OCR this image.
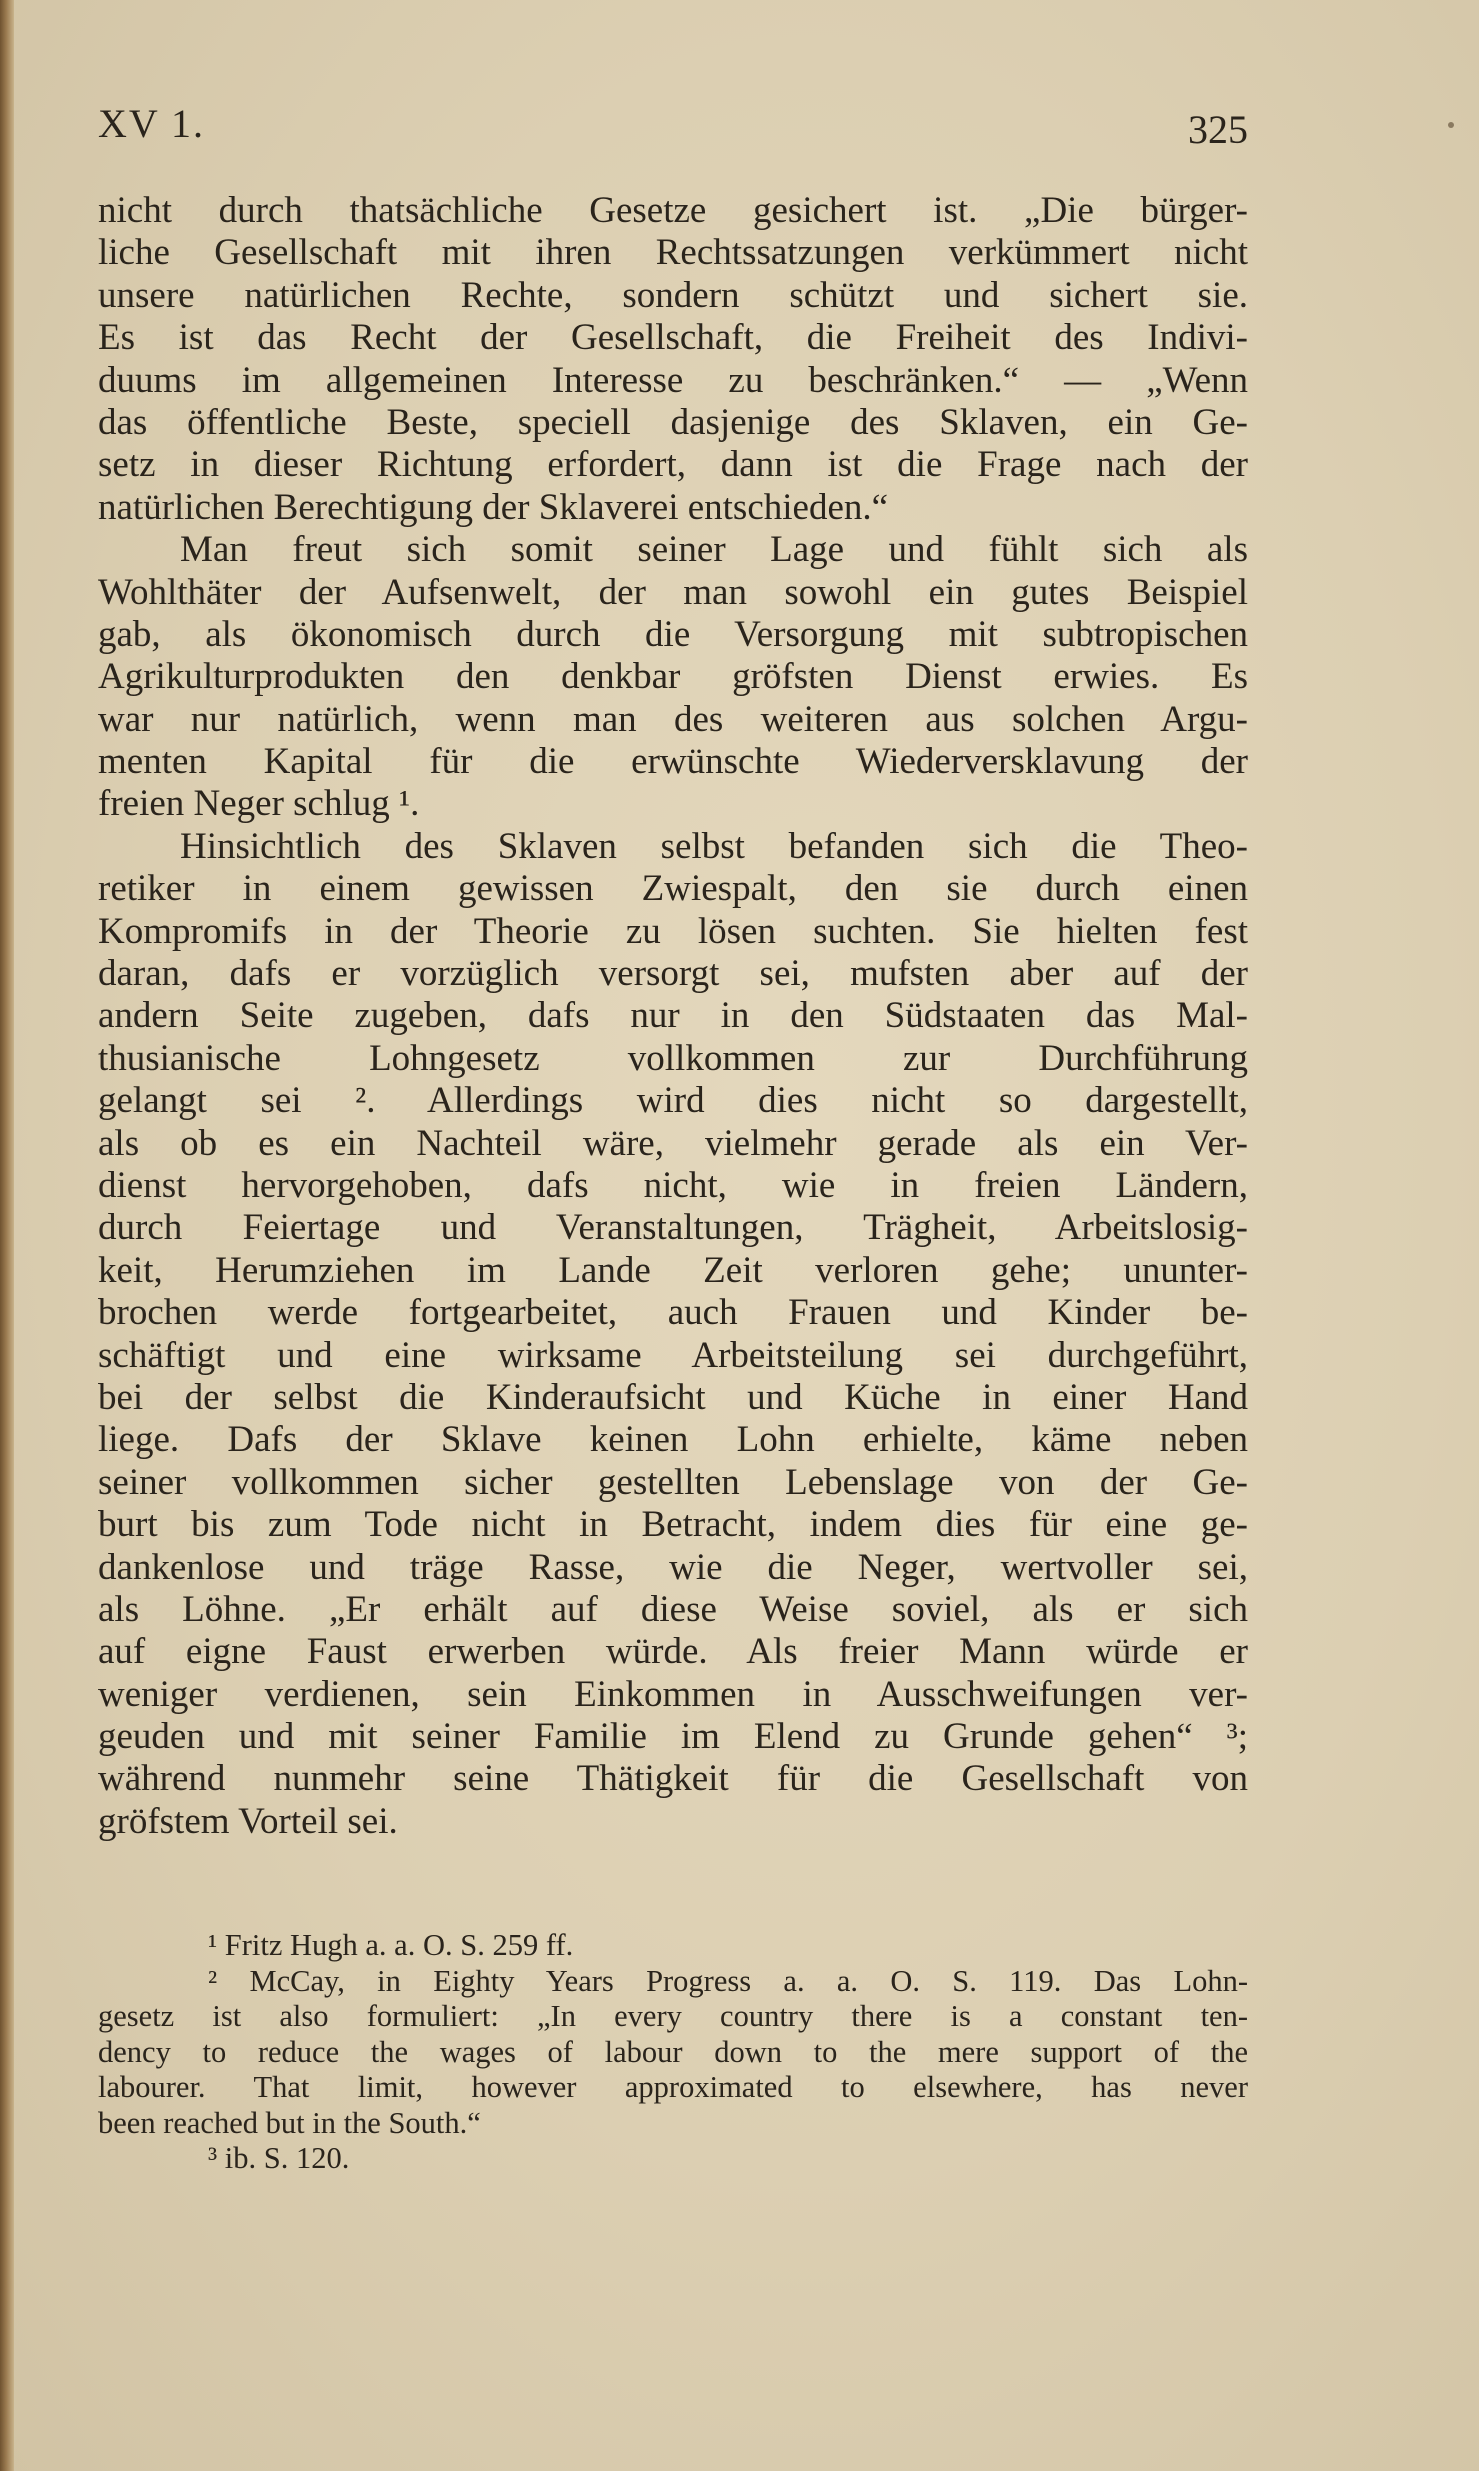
XV 1.	325
nicht durch thatsächliche Gesetze gesichert ist. „Die bürger-
liche Gesellschaft mit ihren Rechtssatzungen verkümmert nicht
unsere natürlichen Rechte, sondern schützt und sichert sie.
Es ist das Recht der Gesellschaft, die Freiheit des Indivi-
duums im allgemeinen Interesse zu beschränken.“ — „Wenn
das öffentliche Beste, speciell dasjenige des Sklaven, ein Ge-
setz in dieser Richtung erfordert, dann ist die Frage nach der
natürlichen Berechtigung der Sklaverei entschieden.“
Man freut sich somit seiner Lage und fühlt sich als
Wohlthäter der Aufsenwelt, der man sowohl ein gutes Beispiel
gab, als ökonomisch durch die Versorgung mit subtropischen
Agrikulturprodukten den denkbar gröfsten Dienst erwies. Es
war nur natürlich, wenn man des weiteren aus solchen Argu-
menten Kapital für die erwünschte Wiederversklavung der
freien Neger schlug ¹.
Hinsichtlich des Sklaven selbst befanden sich die Theo-
retiker in einem gewissen Zwiespalt, den sie durch einen
Kompromifs in der Theorie zu lösen suchten. Sie hielten fest
daran, dafs er vorzüglich versorgt sei, mufsten aber auf der
andern Seite zugeben, dafs nur in den Südstaaten das Mal-
thusianische Lohngesetz vollkommen zur Durchführung
gelangt sei ². Allerdings wird dies nicht so dargestellt,
als ob es ein Nachteil wäre, vielmehr gerade als ein Ver-
dienst hervorgehoben, dafs nicht, wie in freien Ländern,
durch Feiertage und Veranstaltungen, Trägheit, Arbeitslosig-
keit, Herumziehen im Lande Zeit verloren gehe; ununter-
brochen werde fortgearbeitet, auch Frauen und Kinder be-
schäftigt und eine wirksame Arbeitsteilung sei durchgeführt,
bei der selbst die Kinderaufsicht und Küche in einer Hand
liege. Dafs der Sklave keinen Lohn erhielte, käme neben
seiner vollkommen sicher gestellten Lebenslage von der Ge-
burt bis zum Tode nicht in Betracht, indem dies für eine ge-
dankenlose und träge Rasse, wie die Neger, wertvoller sei,
als Löhne. „Er erhält auf diese Weise soviel, als er sich
auf eigne Faust erwerben würde. Als freier Mann würde er
weniger verdienen, sein Einkommen in Ausschweifungen ver-
geuden und mit seiner Familie im Elend zu Grunde gehen“ ³;
während nunmehr seine Thätigkeit für die Gesellschaft von
gröfstem Vorteil sei.
¹ Fritz Hugh a. a. O. S. 259 ff.
² McCay, in Eighty Years Progress a. a. O. S. 119. Das Lohn-
gesetz ist also formuliert: „In every country there is a constant ten-
dency to reduce the wages of labour down to the mere support of the
labourer. That limit, however approximated to elsewhere, has never
been reached but in the South.“
³ ib. S. 120.
